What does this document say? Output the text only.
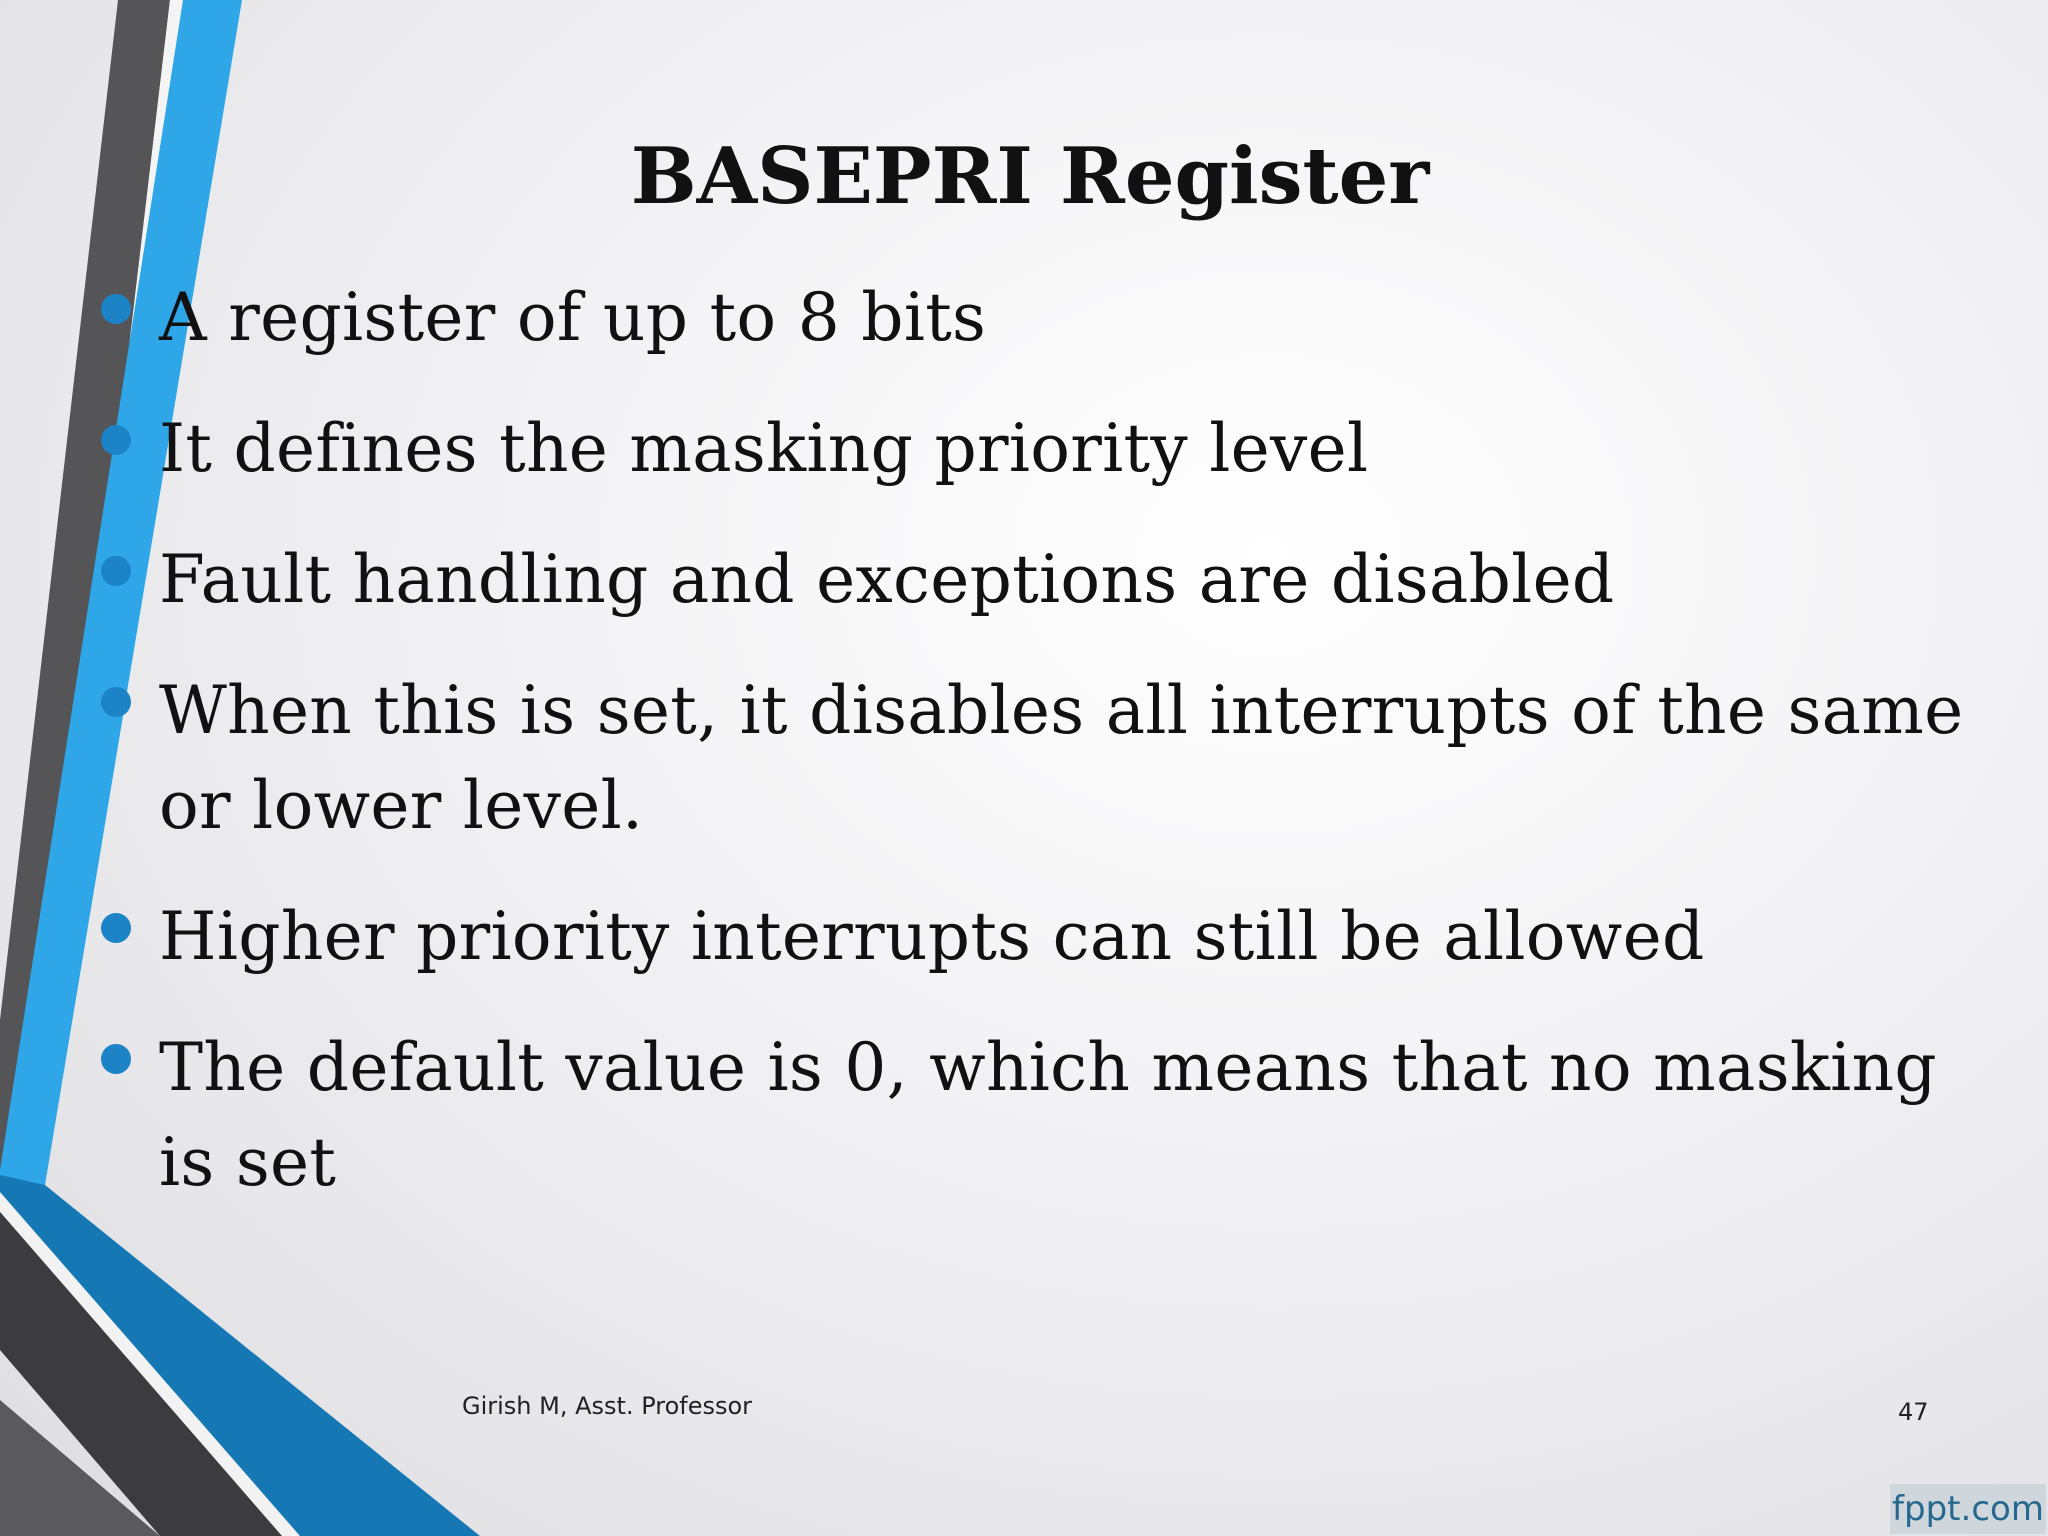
BASEPRI Register
A register of up to 8 bits
It defines the masking priority level
Fault handling and exceptions are disabled
When this is set, it disables all interrupts of the same or lower level.
Higher priority interrupts can still be allowed
The default value is 0, which means that no masking is set
Girish M, Asst. Professor	47
fppt.com
